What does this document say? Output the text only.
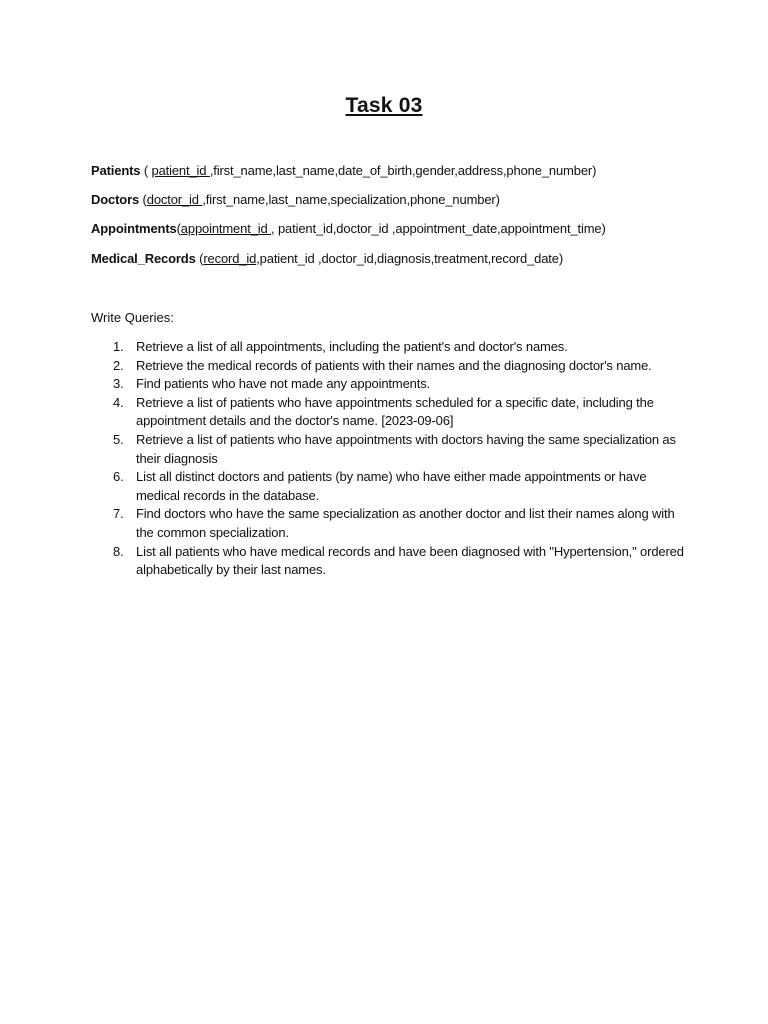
Task 03
Patients ( patient_id ,first_name,last_name,date_of_birth,gender,address,phone_number)
Doctors (doctor_id ,first_name,last_name,specialization,phone_number)
Appointments(appointment_id , patient_id,doctor_id ,appointment_date,appointment_time)
Medical_Records (record_id,patient_id ,doctor_id,diagnosis,treatment,record_date)
Write Queries:
1. Retrieve a list of all appointments, including the patient's and doctor's names.
2. Retrieve the medical records of patients with their names and the diagnosing doctor's name.
3. Find patients who have not made any appointments.
4. Retrieve a list of patients who have appointments scheduled for a specific date, including the appointment details and the doctor's name. [2023-09-06]
5. Retrieve a list of patients who have appointments with doctors having the same specialization as their diagnosis
6. List all distinct doctors and patients (by name) who have either made appointments or have medical records in the database.
7. Find doctors who have the same specialization as another doctor and list their names along with the common specialization.
8. List all patients who have medical records and have been diagnosed with "Hypertension," ordered alphabetically by their last names.
